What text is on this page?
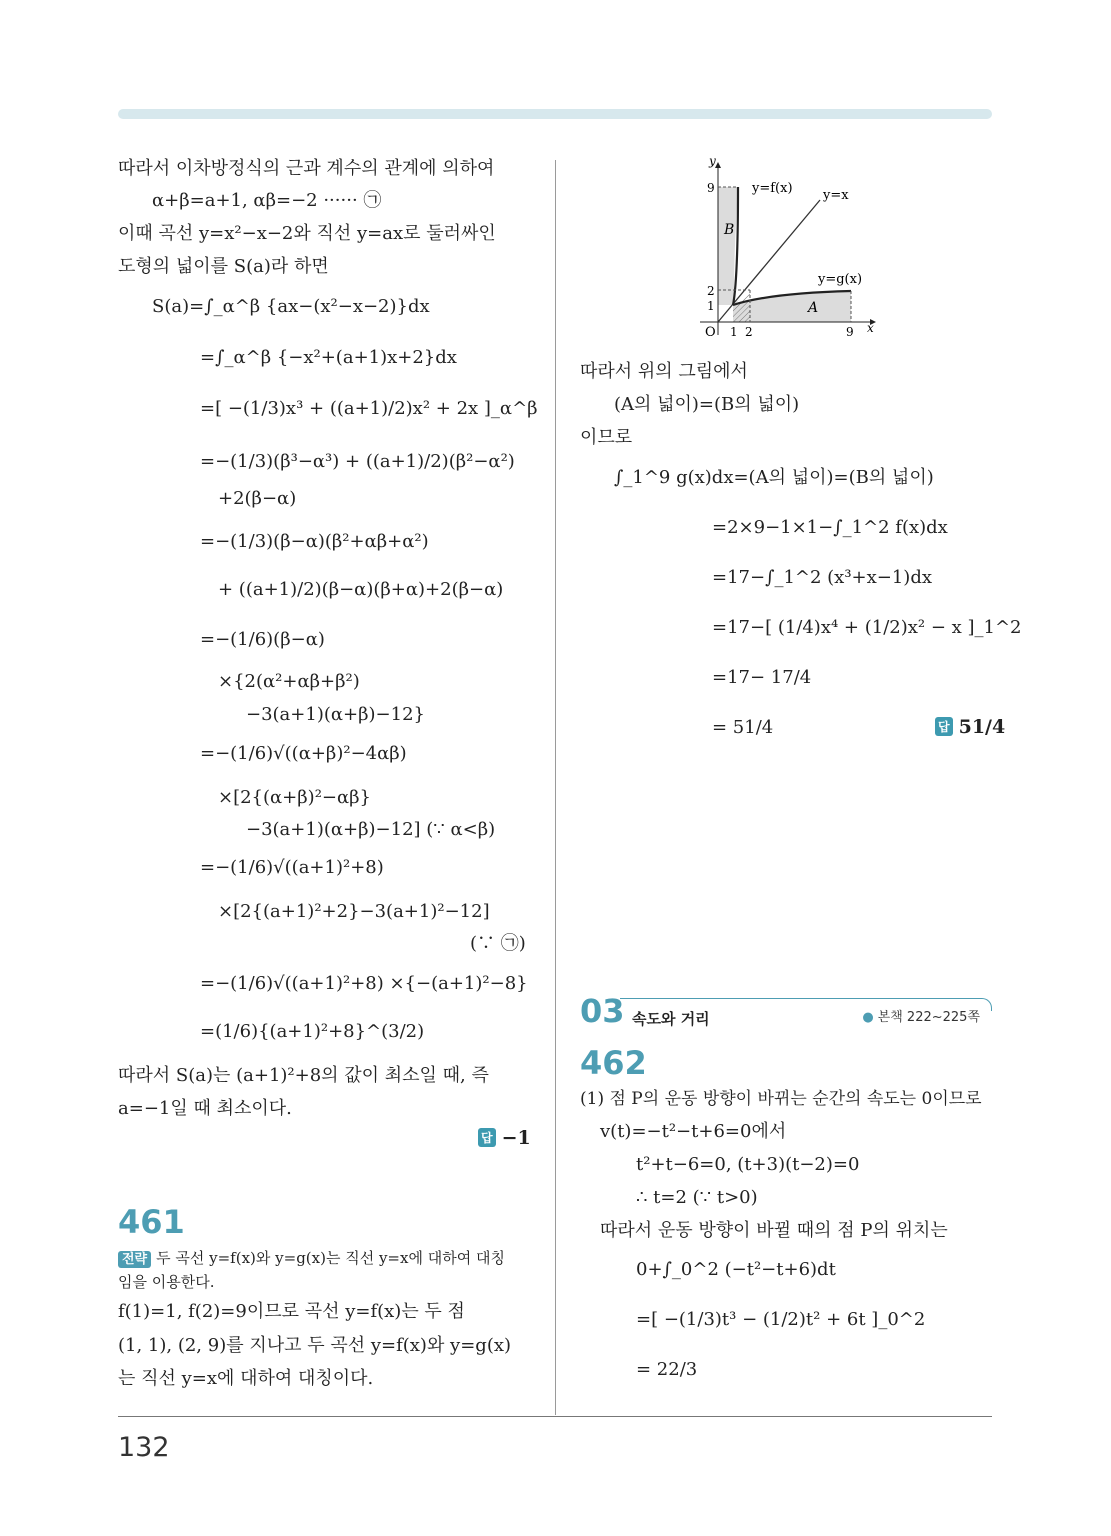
따라서 이차방정식의 근과 계수의 관계에 의하여
α+β=a+1, αβ=−2 ······ ㉠
이때 곡선 y=x²−x−2와 직선 y=ax로 둘러싸인
도형의 넓이를 S(a)라 하면
S(a)=∫_α^β {ax−(x²−x−2)}dx
=∫_α^β {−x²+(a+1)x+2}dx
=[ −(1/3)x³ + ((a+1)/2)x² + 2x ]_α^β
=−(1/3)(β³−α³) + ((a+1)/2)(β²−α²)
+2(β−α)
=−(1/3)(β−α)(β²+αβ+α²)
+ ((a+1)/2)(β−α)(β+α)+2(β−α)
=−(1/6)(β−α)
×{2(α²+αβ+β²)
−3(a+1)(α+β)−12}
=−(1/6)√((α+β)²−4αβ)
×[2{(α+β)²−αβ}
−3(a+1)(α+β)−12] (∵ α<β)
=−(1/6)√((a+1)²+8)
×[2{(a+1)²+2}−3(a+1)²−12]
(∵ ㉠)
=−(1/6)√((a+1)²+8) ×{−(a+1)²−8}
=(1/6){(a+1)²+8}^(3/2)
따라서 S(a)는 (a+1)²+8의 값이 최소일 때, 즉
a=−1일 때 최소이다.
답 −1
461
전략 두 곡선 y=f(x)와 y=g(x)는 직선 y=x에 대하여 대칭
임을 이용한다.
f(1)=1, f(2)=9이므로 곡선 y=f(x)는 두 점
(1, 1), (2, 9)를 지나고 두 곡선 y=f(x)와 y=g(x)
는 직선 y=x에 대하여 대칭이다.
y
x
O
9
2
1
1 2	9
y=f(x) y=x
y=g(x)
A
B
따라서 위의 그림에서
(A의 넓이)=(B의 넓이)
이므로
∫_1^9 g(x)dx=(A의 넓이)=(B의 넓이)
=2×9−1×1−∫_1^2 f(x)dx
=17−∫_1^2 (x³+x−1)dx
=17−[ (1/4)x⁴ + (1/2)x² − x ]_1^2
=17− 17/4
= 51/4	답 51/4
03 속도와 거리	● 본책 222~225쪽
462
(1) 점 P의 운동 방향이 바뀌는 순간의 속도는 0이므로
v(t)=−t²−t+6=0에서
t²+t−6=0, (t+3)(t−2)=0
∴ t=2 (∵ t>0)
따라서 운동 방향이 바뀔 때의 점 P의 위치는
0+∫_0^2 (−t²−t+6)dt
=[ −(1/3)t³ − (1/2)t² + 6t ]_0^2
= 22/3
132
